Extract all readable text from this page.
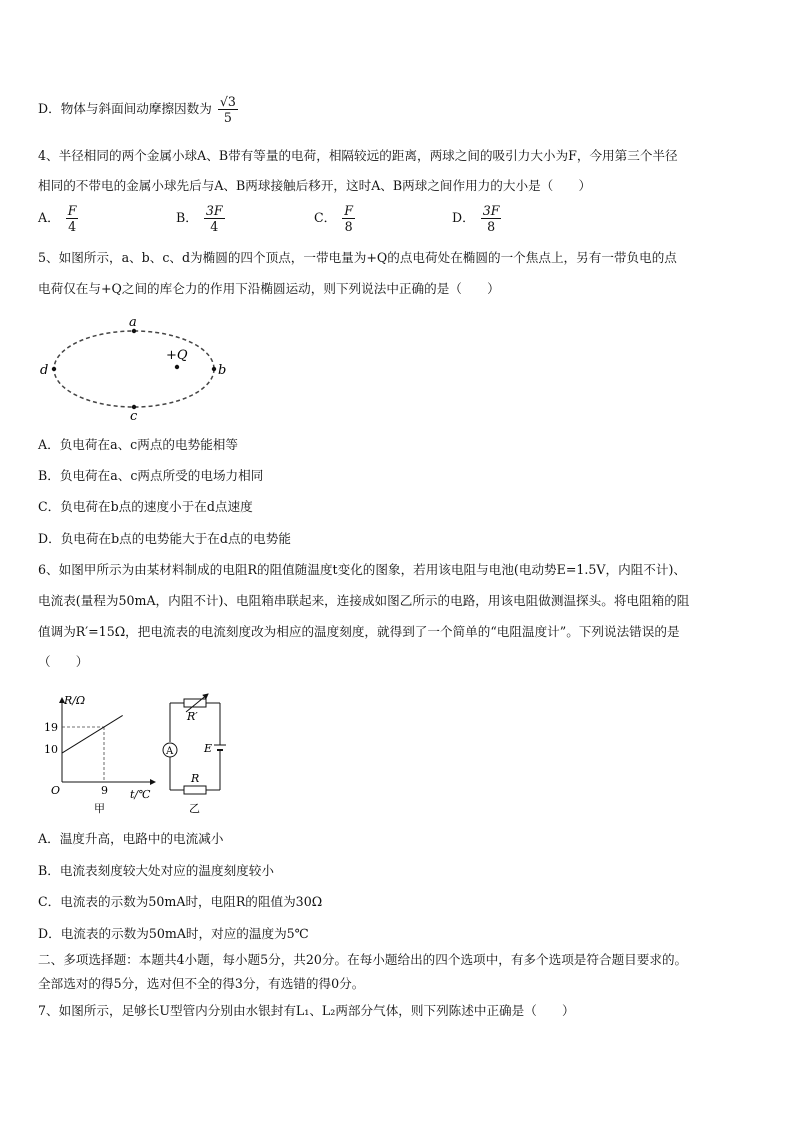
D．物体与斜面间动摩擦因数为 $\frac{√3}{5}$
4、半径相同的两个金属小球A、B带有等量的电荷，相隔较远的距离，两球之间的吸引力大小为F，今用第三个半径
相同的不带电的金属小球先后与A、B两球接触后移开，这时A、B两球之间作用力的大小是（　　）
A． $\frac{F}{4}$	B． $\frac{3F}{4}$	C． $\frac{F}{8}$	D． $\frac{3F}{8}$
5、如图所示，a、b、c、d为椭圆的四个顶点，一带电量为+Q的点电荷处在椭圆的一个焦点上，另有一带负电的点
电荷仅在与+Q之间的库仑力的作用下沿椭圆运动，则下列说法中正确的是（　　）
a
b
c
d
+Q
A．负电荷在a、c两点的电势能相等
B．负电荷在a、c两点所受的电场力相同
C．负电荷在b点的速度小于在d点速度
D．负电荷在b点的电势能大于在d点的电势能
6、如图甲所示为由某材料制成的电阻R的阻值随温度t变化的图象，若用该电阻与电池(电动势E=1.5V，内阻不计)、
电流表(量程为50mA，内阻不计)、电阻箱串联起来，连接成如图乙所示的电路，用该电阻做测温探头。将电阻箱的阻
值调为R′=15Ω，把电流表的电流刻度改为相应的温度刻度，就得到了一个简单的“电阻温度计”。下列说法错误的是
（　　）
R/Ω
t/℃
O
19
10
9
甲
R′
A	E
R
乙
A．温度升高，电路中的电流减小
B．电流表刻度较大处对应的温度刻度较小
C．电流表的示数为50mA时，电阻R的阻值为30Ω
D．电流表的示数为50mA时，对应的温度为5℃
二、多项选择题：本题共4小题，每小题5分，共20分。在每小题给出的四个选项中，有多个选项是符合题目要求的。
全部选对的得5分，选对但不全的得3分，有选错的得0分。
7、如图所示，足够长U型管内分别由水银封有L₁、L₂两部分气体，则下列陈述中正确是（　　）
